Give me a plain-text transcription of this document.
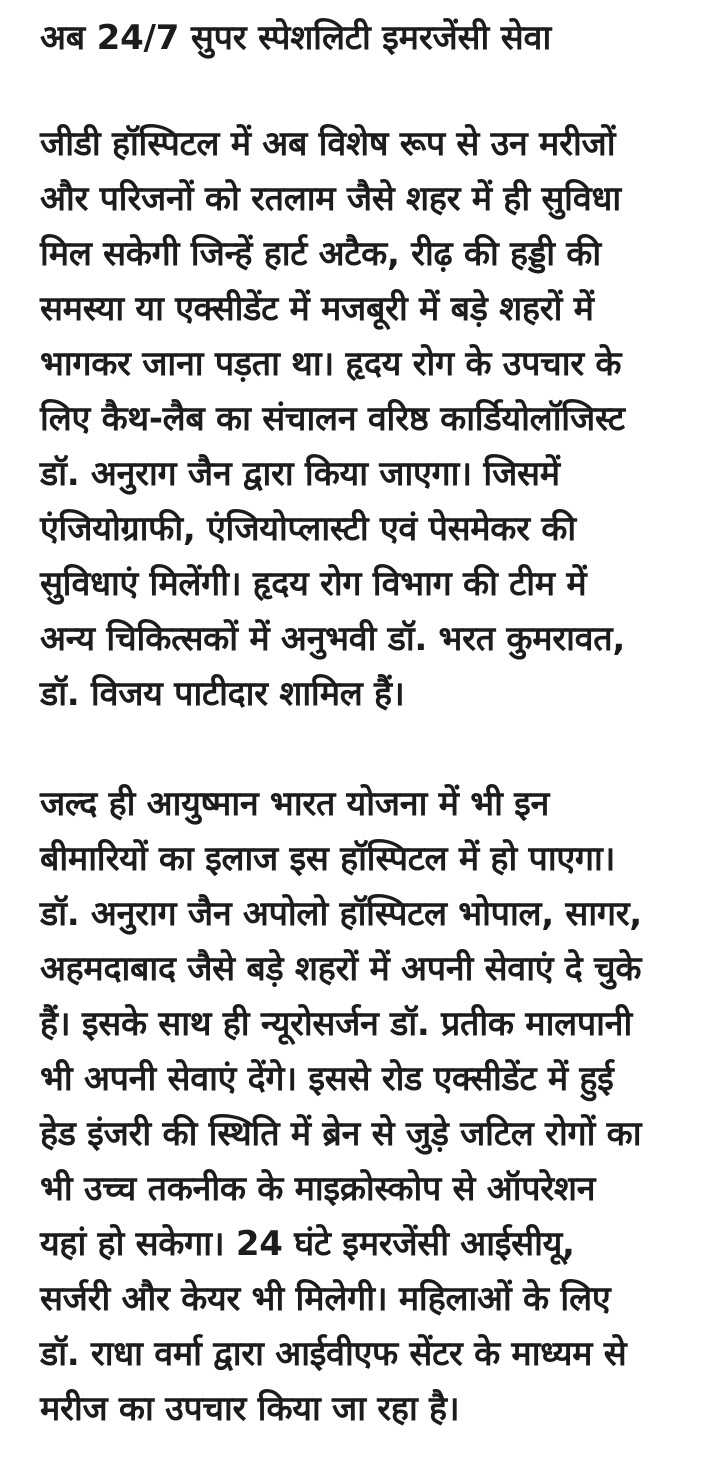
अब 24/7 सुपर स्पेशलिटी इमरजेंसी सेवा

जीडी हॉस्पिटल में अब विशेष रूप से उन मरीजों
और परिजनों को रतलाम जैसे शहर में ही सुविधा
मिल सकेगी जिन्हें हार्ट अटैक, रीढ़ की हड्डी की
समस्या या एक्सीडेंट में मजबूरी में बड़े शहरों में
भागकर जाना पड़ता था। हृदय रोग के उपचार के
लिए कैथ-लैब का संचालन वरिष्ठ कार्डियोलॉजिस्ट
डॉ. अनुराग जैन द्वारा किया जाएगा। जिसमें
एंजियोग्राफी, एंजियोप्लास्टी एवं पेसमेकर की
सुविधाएं मिलेंगी। हृदय रोग विभाग की टीम में
अन्य चिकित्सकों में अनुभवी डॉ. भरत कुमरावत,
डॉ. विजय पाटीदार शामिल हैं।

जल्द ही आयुष्मान भारत योजना में भी इन
बीमारियों का इलाज इस हॉस्पिटल में हो पाएगा।
डॉ. अनुराग जैन अपोलो हॉस्पिटल भोपाल, सागर,
अहमदाबाद जैसे बड़े शहरों में अपनी सेवाएं दे चुके
हैं। इसके साथ ही न्यूरोसर्जन डॉ. प्रतीक मालपानी
भी अपनी सेवाएं देंगे। इससे रोड एक्सीडेंट में हुई
हेड इंजरी की स्थिति में ब्रेन से जुड़े जटिल रोगों का
भी उच्च तकनीक के माइक्रोस्कोप से ऑपरेशन
यहां हो सकेगा। 24 घंटे इमरजेंसी आईसीयू,
सर्जरी और केयर भी मिलेगी। महिलाओं के लिए
डॉ. राधा वर्मा द्वारा आईवीएफ सेंटर के माध्यम से
मरीज का उपचार किया जा रहा है।
